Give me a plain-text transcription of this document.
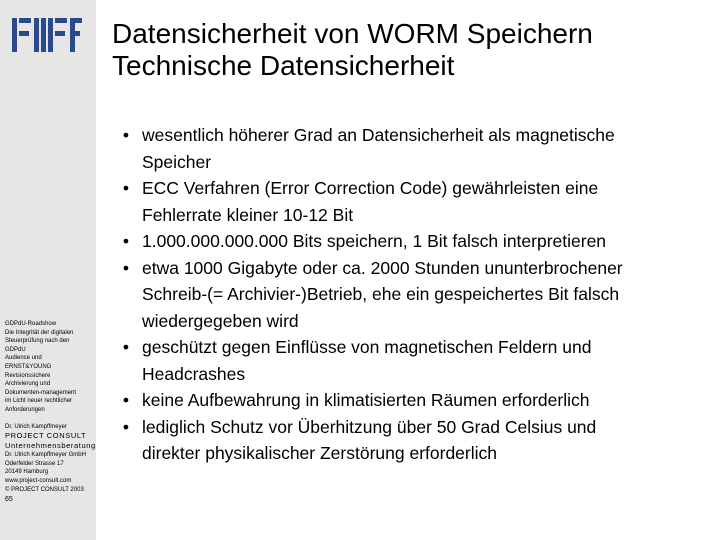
GDPdU-Roadshow
Die Integrität der digitalen
Steuerprüfung nach den
GDPdU
Audience und
ERNST&YOUNG
Revisionssichere
Archivierung und
Dokumenten-management
im Licht neuer rechtlicher
Anforderungen
Dr. Ulrich Kampffmeyer
PROJECT CONSULT
Unternehmensberatung
Dr. Ulrich Kampffmeyer GmbH
Oderfelder Strasse 17
20149 Hamburg
www.project-consult.com
© PROJECT CONSULT 2003
65
Datensicherheit von WORM Speichern
Technische Datensicherheit
• wesentlich höherer Grad an Datensicherheit als magnetische
Speicher
• ECC Verfahren (Error Correction Code) gewährleisten eine
Fehlerrate kleiner 10-12 Bit
• 1.000.000.000.000 Bits speichern, 1 Bit falsch interpretieren
• etwa 1000 Gigabyte oder ca. 2000 Stunden ununterbrochener
Schreib-(= Archivier-)Betrieb, ehe ein gespeichertes Bit falsch
wiedergegeben wird
• geschützt gegen Einflüsse von magnetischen Feldern und
Headcrashes
• keine Aufbewahrung in klimatisierten Räumen erforderlich
• lediglich Schutz vor Überhitzung über 50 Grad Celsius und
direkter physikalischer Zerstörung erforderlich
